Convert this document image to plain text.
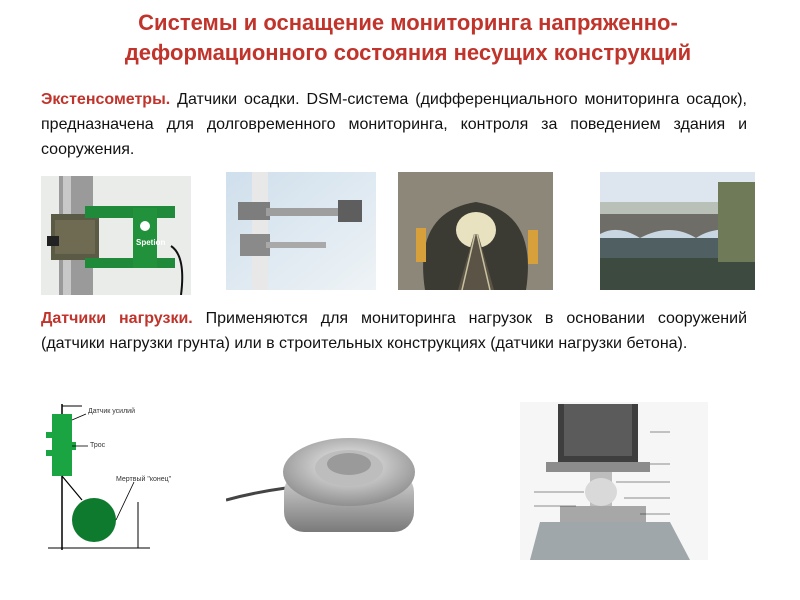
Системы и оснащение мониторинга напряженно-
деформационного состояния несущих конструкций
Экстенсометры. Датчики осадки. DSM-система (дифференциального мониторинга осадок), предназначена для долговременного мониторинга, контроля за поведением здания и сооружения.
Spetion
Датчики нагрузки. Применяются для мониторинга нагрузок в основании сооружений (датчики нагрузки грунта) или в строительных конструкциях (датчики нагрузки бетона).
Датчик усилий
Трос
Мертвый "конец"
